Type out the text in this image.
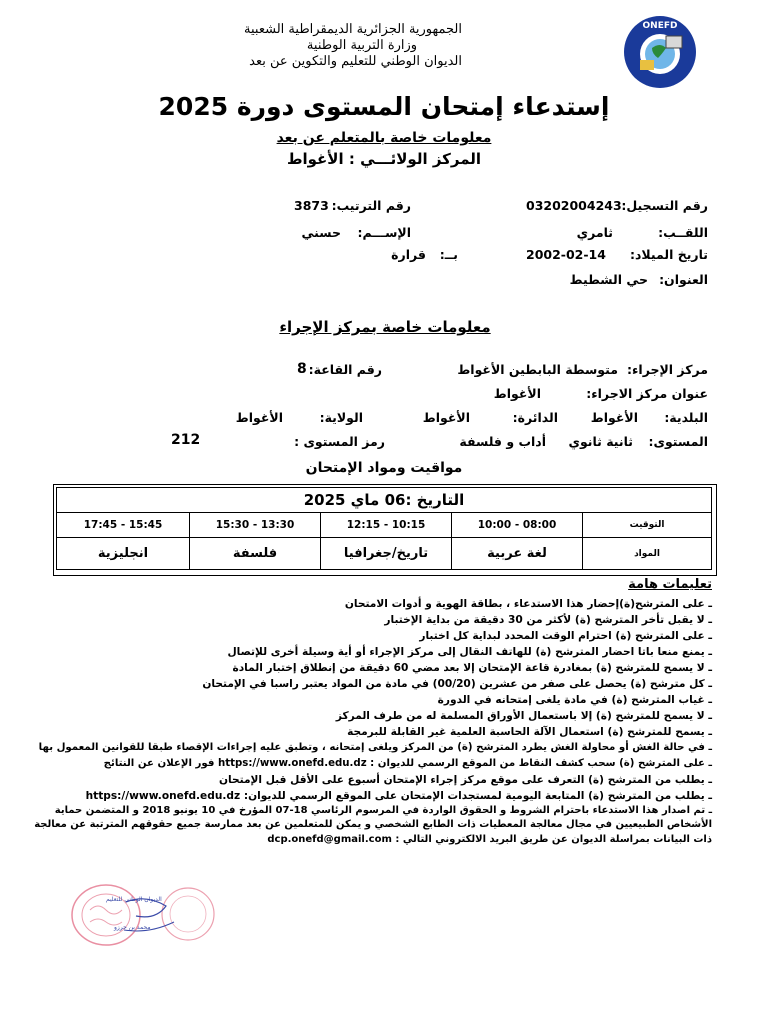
الجمهورية الجزائرية الديمقراطية الشعبية
وزارة التربية الوطنية
الديوان الوطني للتعليم والتكوين عن بعد
ONEFD
إستدعاء إمتحان المستوى دورة 2025
معلومات خاصة بالمتعلم عن بعد
المركز الولائـــي : الأغواط
رقم التسجيل:
03202004243
رقم الترتيب:
3873
اللقــب:
ثامري
الإســـم:
حسني
تاريخ الميلاد:
2002-02-14
بــ:
قرارة
العنوان:
حي الشطيط
معلومات خاصة بمركز الإجراء
مركز الإجراء:
متوسطة البابطين الأغواط
رقم القاعة:
8
عنوان مركز الاجراء:
الأغواط
البلدية:
الأغواط
الدائرة:
الأغواط
الولاية:
الأغواط
المستوى:
ثانية ثانوي
أداب و فلسفة
رمز المستوى :
212
مواقيت ومواد الإمتحان
التاريخ :06 ماي 2025
17:45 - 15:45	15:30 - 13:30	12:15 - 10:15	10:00 - 08:00	التوقيت
انجليزية	فلسفة	تاريخ/جغرافيا	لغة عربية	المواد
تعليمات هامة
ـ على المترشح(ة)إحضار هذا الاستدعاء ، بطاقة الهوية و أدوات الامتحان
ـ لا يقبل تأخر المترشح (ة) لأكثر من 30 دقيقة من بداية الإختبار
ـ على المترشح (ة) احترام الوقت المحدد لبداية كل اختبار
ـ يمنع منعا باتا احضار المترشح (ة) للهاتف النقال إلى مركز الإجراء أو أية وسيلة أخرى للإتصال
ـ لا يسمح للمترشح (ة) بمغادرة قاعة الإمتحان إلا بعد مضي 60 دقيقة من إنطلاق إختبار المادة
ـ كل مترشح (ة) يحصل على صفر من عشرين (00/20) في مادة من المواد يعتبر راسبا في الإمتحان
ـ غياب المترشح (ة) في مادة يلغى إمتحانه في الدورة
ـ لا يسمح للمترشح (ة) إلا باستعمال الأوراق المسلمة له من طرف المركز
ـ يسمح للمترشح (ة) استعمال الآلة الحاسبة العلمية غير القابلة للبرمجة
ـ في حالة الغش أو محاولة الغش يطرد المترشح (ة) من المركز ويلغى إمتحانه ، وتطبق عليه إجراءات الإقصاء طبقا للقوانين المعمول بها
ـ على المترشح (ة) سحب كشف النقاط من الموقع الرسمي للديوان : https://www.onefd.edu.dz فور الإعلان عن النتائج
ـ يطلب من المترشح (ة) التعرف على موقع مركز إجراء الإمتحان أسبوع على الأقل قبل الإمتحان
ـ يطلب من المترشح (ة) المتابعة اليومية لمستجدات الإمتحان على الموقع الرسمي للديوان: https://www.onefd.edu.dz
ـ تم اصدار هذا الاستدعاء باحترام الشروط و الحقوق الواردة في المرسوم الرئاسي 18-07 المؤرخ في 10 يونيو 2018 و المتضمن حماية
الأشخاص الطبيعيين في مجال معالجة المعطيات ذات الطابع الشخصي و يمكن للمتعلمين عن بعد ممارسة جميع حقوقهم المترتبة عن معالجة
ذات البيانات بمراسلة الديوان عن طريق البريد الالكتروني التالي : dcp.onefd@gmail.com
الديوان الوطني للتعليم
محمد بن حرزو
